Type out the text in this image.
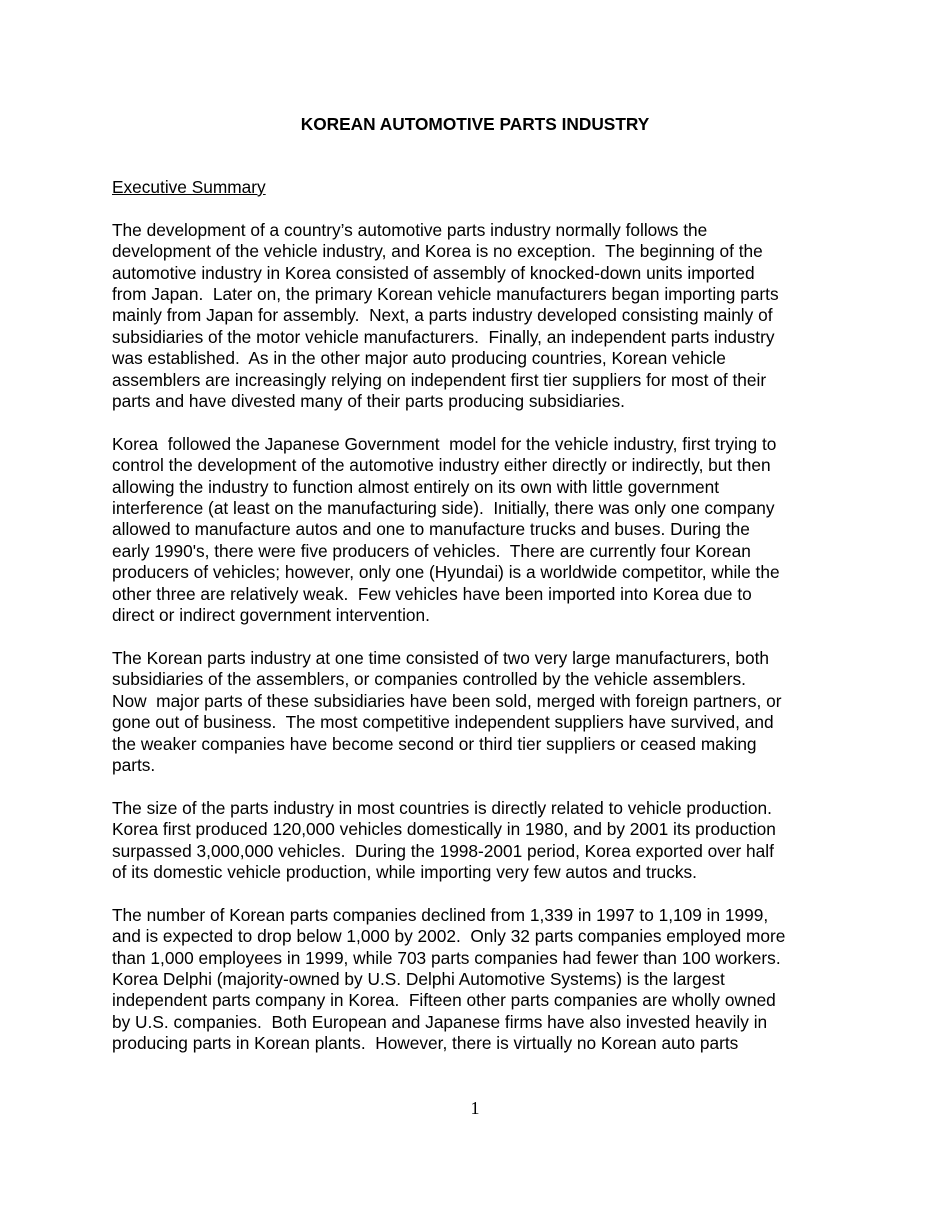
KOREAN AUTOMOTIVE PARTS INDUSTRY
Executive Summary
The development of a country’s automotive parts industry normally follows the
development of the vehicle industry, and Korea is no exception.  The beginning of the
automotive industry in Korea consisted of assembly of knocked-down units imported
from Japan.  Later on, the primary Korean vehicle manufacturers began importing parts
mainly from Japan for assembly.  Next, a parts industry developed consisting mainly of
subsidiaries of the motor vehicle manufacturers.  Finally, an independent parts industry
was established.  As in the other major auto producing countries, Korean vehicle
assemblers are increasingly relying on independent first tier suppliers for most of their
parts and have divested many of their parts producing subsidiaries.
Korea  followed the Japanese Government  model for the vehicle industry, first trying to
control the development of the automotive industry either directly or indirectly, but then
allowing the industry to function almost entirely on its own with little government
interference (at least on the manufacturing side).  Initially, there was only one company
allowed to manufacture autos and one to manufacture trucks and buses. During the
early 1990's, there were five producers of vehicles.  There are currently four Korean
producers of vehicles; however, only one (Hyundai) is a worldwide competitor, while the
other three are relatively weak.  Few vehicles have been imported into Korea due to
direct or indirect government intervention.
The Korean parts industry at one time consisted of two very large manufacturers, both
subsidiaries of the assemblers, or companies controlled by the vehicle assemblers.
Now  major parts of these subsidiaries have been sold, merged with foreign partners, or
gone out of business.  The most competitive independent suppliers have survived, and
the weaker companies have become second or third tier suppliers or ceased making
parts.
The size of the parts industry in most countries is directly related to vehicle production.
Korea first produced 120,000 vehicles domestically in 1980, and by 2001 its production
surpassed 3,000,000 vehicles.  During the 1998-2001 period, Korea exported over half
of its domestic vehicle production, while importing very few autos and trucks.
The number of Korean parts companies declined from 1,339 in 1997 to 1,109 in 1999,
and is expected to drop below 1,000 by 2002.  Only 32 parts companies employed more
than 1,000 employees in 1999, while 703 parts companies had fewer than 100 workers.
Korea Delphi (majority-owned by U.S. Delphi Automotive Systems) is the largest
independent parts company in Korea.  Fifteen other parts companies are wholly owned
by U.S. companies.  Both European and Japanese firms have also invested heavily in
producing parts in Korean plants.  However, there is virtually no Korean auto parts
1
